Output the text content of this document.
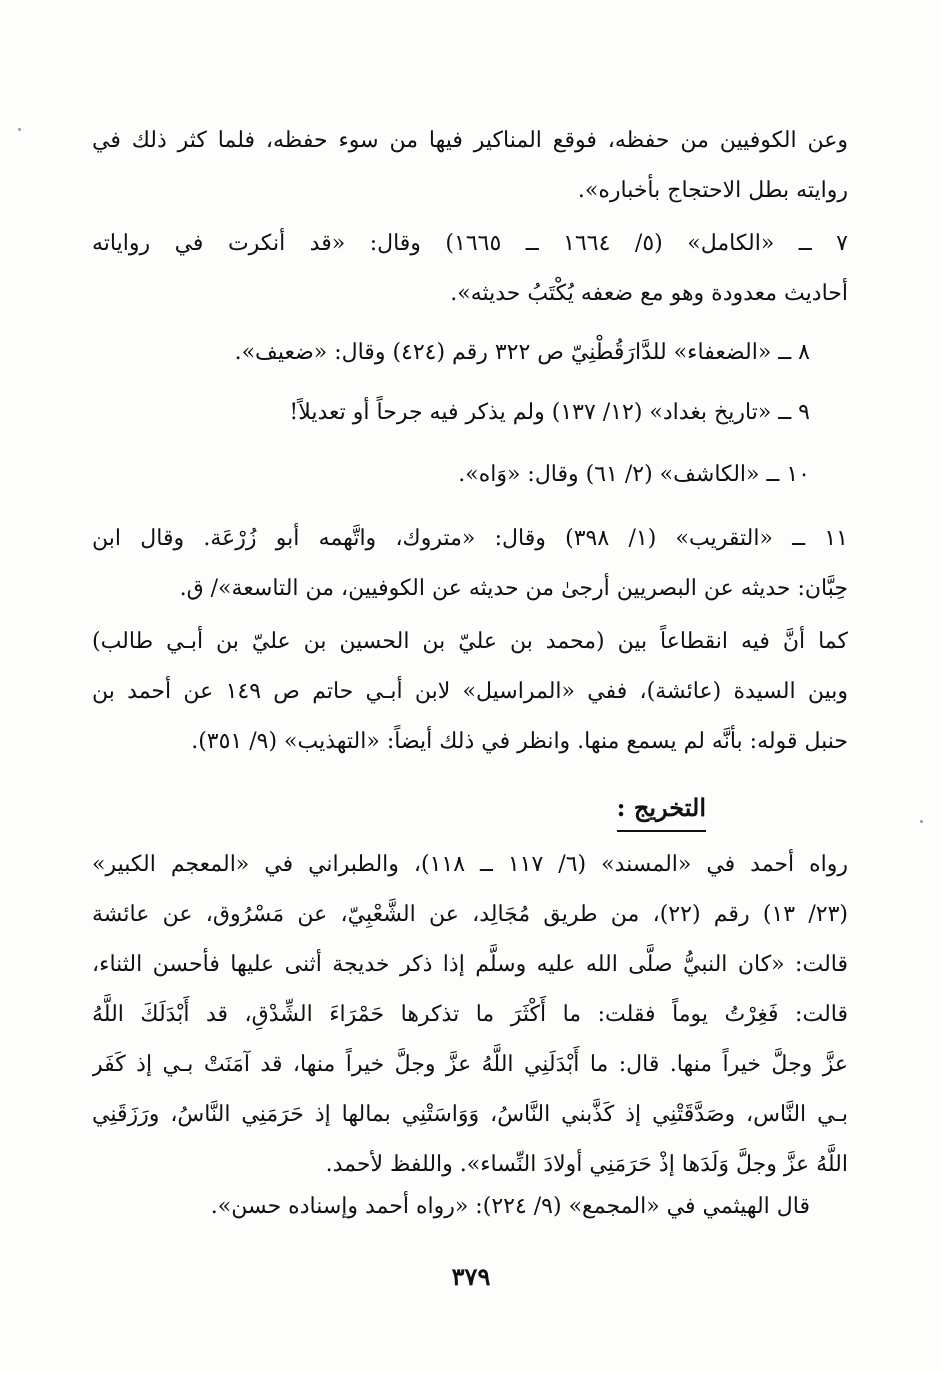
وعن الكوفيين من حفظه، فوقع المناكير فيها من سوء حفظه، فلما كثر ذلك في
روايته بطل الاحتجاج بأخباره».
٧ ــ «الكامل» (٥/ ١٦٦٤ ــ ١٦٦٥) وقال: «قد أنكرت في رواياته
أحاديث معدودة وهو مع ضعفه يُكْتَبُ حديثه».
٨ ــ «الضعفاء» للدَّارَقُطْنِيّ ص ٣٢٢ رقم (٤٢٤) وقال: «ضعيف».
٩ ــ «تاريخ بغداد» (١٢/ ١٣٧) ولم يذكر فيه جرحاً أو تعديلاً!
١٠ ــ «الكاشف» (٢/ ٦١) وقال: «وَاه».
١١ ــ «التقريب» (١/ ٣٩٨) وقال: «متروك، واتَّهمه أبو زُرْعَة. وقال ابن
حِبَّان: حديثه عن البصريين أرجىٰ من حديثه عن الكوفيين، من التاسعة»/ ق.
كما أنَّ فيه انقطاعاً بين (محمد بن عليّ بن الحسين بن عليّ بن أبـي طالب)
وبين السيدة (عائشة)، ففي «المراسيل» لابن أبـي حاتم ص ١٤٩ عن أحمد بن
حنبل قوله: بأنَّه لم يسمع منها. وانظر في ذلك أيضاً: «التهذيب» (٩/ ٣٥١).
التخريج :
رواه أحمد في «المسند» (٦/ ١١٧ ــ ١١٨)، والطبراني في «المعجم الكبير»
(٢٣/ ١٣) رقم (٢٢)، من طريق مُجَالِد، عن الشَّعْبِيّ، عن مَسْرُوق، عن عائشة
قالت: «كان النبيُّ صلَّى الله عليه وسلَّم إذا ذكر خديجة أثنى عليها فأحسن الثناء،
قالت: فَغِرْتُ يوماً فقلت: ما أَكْثَرَ ما تذكرها حَمْرَاءَ الشِّدْقِ، قد أَبْدَلَكَ اللَّهُ
عزَّ وجلَّ خيراً منها. قال: ما أَبْدَلَنِي اللَّهُ عزَّ وجلَّ خيراً منها، قد آمَنَتْ بـي إذ كَفَر
بـي النَّاس، وصَدَّقَتْنِي إذ كَذَّبني النَّاسُ، وَوَاسَتْنِي بمالها إذ حَرَمَنِي النَّاسُ، ورَزَقَنِي
اللَّهُ عزَّ وجلَّ وَلَدَها إذْ حَرَمَنِي أولادَ النِّساء». واللفظ لأحمد.
قال الهيثمي في «المجمع» (٩/ ٢٢٤): «رواه أحمد وإسناده حسن».
٣٧٩
